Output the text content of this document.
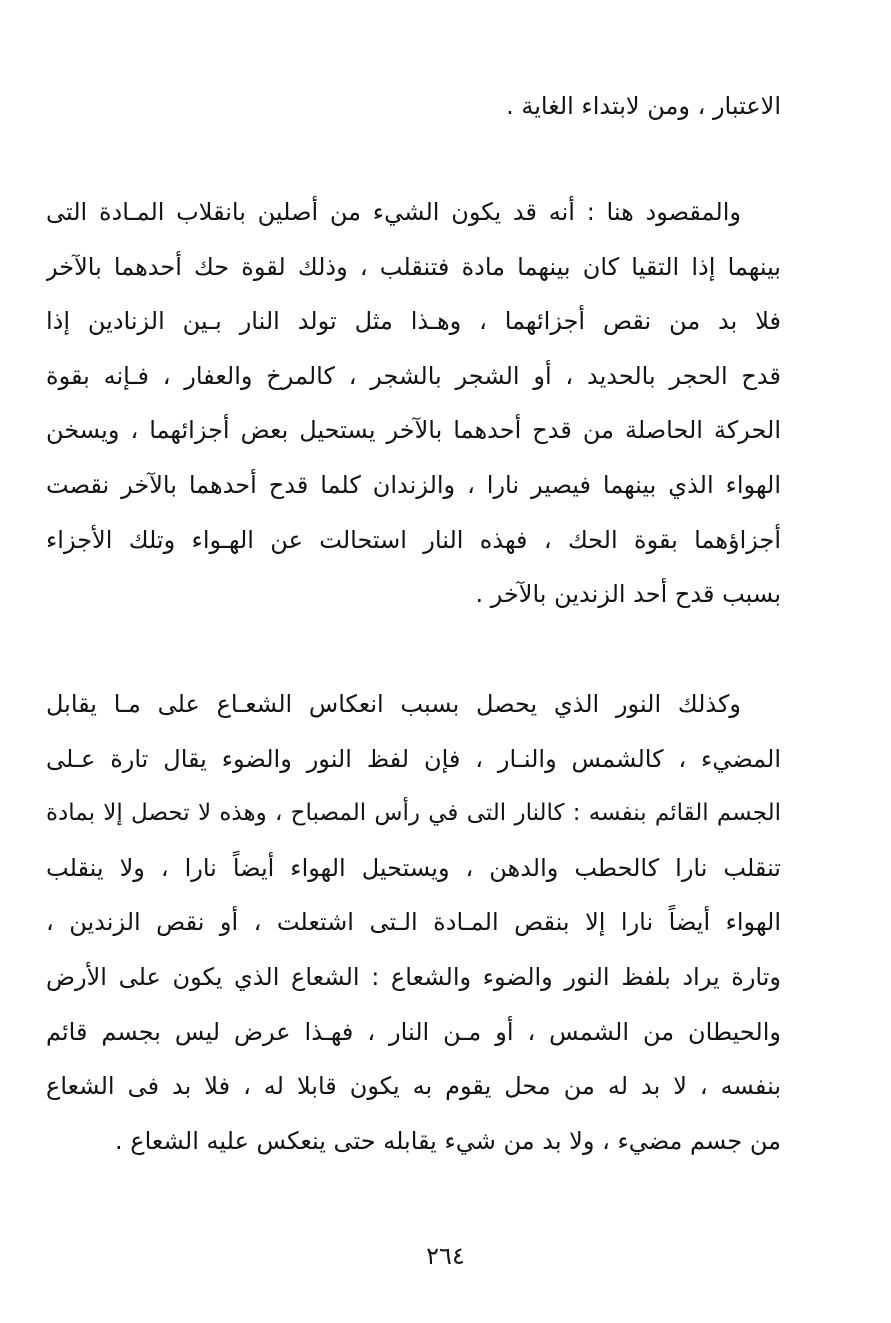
الاعتبار ، ومن لابتداء الغاية .
والمقصود هنا : أنه قد يكون الشيء من أصلين بانقلاب المـادة التى
بينهما إذا التقيا كان بينهما مادة فتنقلب ، وذلك لقوة حك أحدهما بالآخر
فلا بد من نقص أجزائهما ، وهـذا مثل تولد النار بـين الزنادين إذا
قدح الحجر بالحديد ، أو الشجر بالشجر ، كالمرخ والعفار ، فـإنه بقوة
الحركة الحاصلة من قدح أحدهما بالآخر يستحيل بعض أجزائهما ، ويسخن
الهواء الذي بينهما فيصير نارا ، والزندان كلما قدح أحدهما بالآخر نقصت
أجزاؤهما بقوة الحك ، فهذه النار استحالت عن الهـواء وتلك الأجزاء
بسبب قدح أحد الزندين بالآخر .
وكذلك النور الذي يحصل بسبب انعكاس الشعـاع على مـا يقابل
المضيء ، كالشمس والنـار ، فإن لفظ النور والضوء يقال تارة عـلى
الجسم القائم بنفسه : كالنار التى في رأس المصباح ، وهذه لا تحصل إلا بمادة
تنقلب نارا كالحطب والدهن ، ويستحيل الهواء أيضاً نارا ، ولا ينقلب
الهواء أيضاً نارا إلا بنقص المـادة الـتى اشتعلت ، أو نقص الزندين ،
وتارة يراد بلفظ النور والضوء والشعاع : الشعاع الذي يكون على الأرض
والحيطان من الشمس ، أو مـن النار ، فهـذا عرض ليس بجسم قائم
بنفسه ، لا بد له من محل يقوم به يكون قابلا له ، فلا بد فى الشعاع
من جسم مضيء ، ولا بد من شيء يقابله حتى ينعكس عليه الشعاع .
٢٦٤
